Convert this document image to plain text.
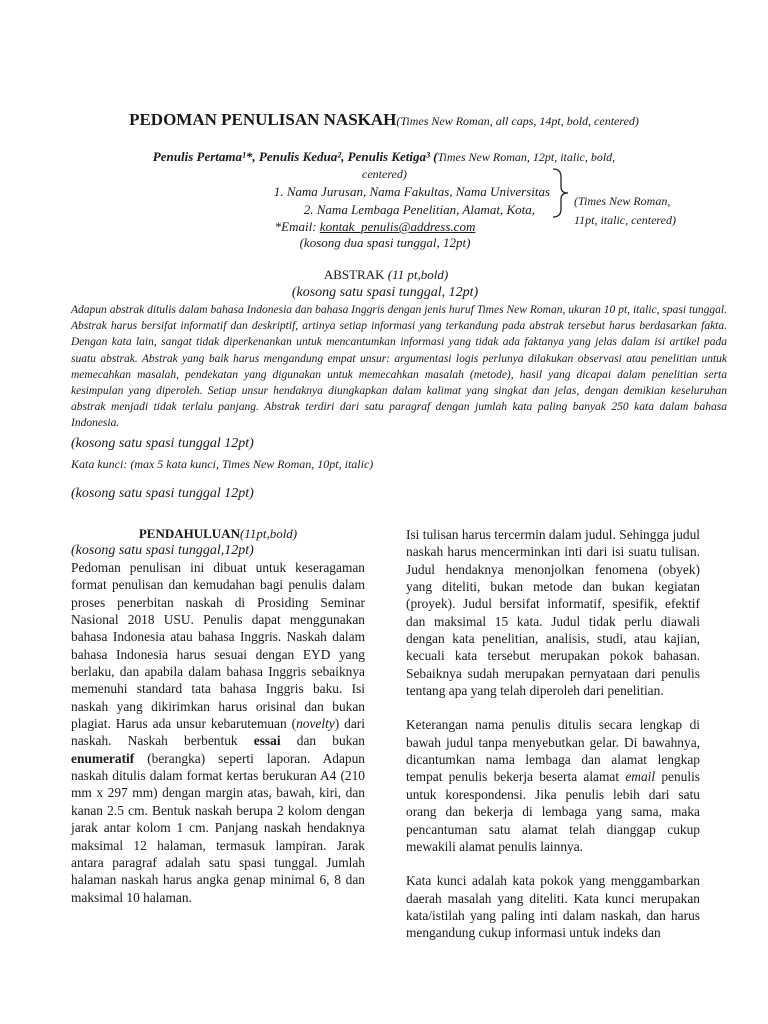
PEDOMAN PENULISAN NASKAH(Times New Roman, all caps, 14pt, bold, centered)
Penulis Pertama¹*, Penulis Kedua², Penulis Ketiga³ (Times New Roman, 12pt, italic, bold,
centered)
1. Nama Jurusan, Nama Fakultas, Nama Universitas
2. Nama Lembaga Penelitian, Alamat, Kota,
*Email: kontak_penulis@address.com
(kosong dua spasi tunggal, 12pt)
(Times New Roman,
11pt, italic, centered)
ABSTRAK (11 pt,bold)
(kosong satu spasi tunggal, 12pt)
Adapun abstrak ditulis dalam bahasa Indonesia dan bahasa Inggris dengan jenis huruf Times New Roman, ukuran 10 pt, italic, spasi tunggal. Abstrak harus bersifat informatif dan deskriptif, artinya setiap informasi yang terkandung pada abstrak tersebut harus berdasarkan fakta. Dengan kata lain, sangat tidak diperkenankan untuk mencantumkan informasi yang tidak ada faktanya yang jelas dalam isi artikel pada suatu abstrak. Abstrak yang baik harus mengandung empat unsur: argumentasi logis perlunya dilakukan observasi atau penelitian untuk memecahkan masalah, pendekatan yang digunakan untuk memecahkan masalah (metode), hasil yang dicapai dalam penelitian serta kesimpulan yang diperoleh. Setiap unsur hendaknya diungkapkan dalam kalimat yang singkat dan jelas, dengan demikian keseluruhan abstrak menjadi tidak terlalu panjang. Abstrak terdiri dari satu paragraf dengan jumlah kata paling banyak 250 kata dalam bahasa Indonesia.
(kosong satu spasi tunggal 12pt)
Kata kunci: (max 5 kata kunci, Times New Roman, 10pt, italic)
(kosong satu spasi tunggal 12pt)
PENDAHULUAN(11pt,bold)
(kosong satu spasi tunggal,12pt)

Pedoman penulisan ini dibuat untuk keseragaman format penulisan dan kemudahan bagi penulis dalam proses penerbitan naskah di Prosiding Seminar Nasional 2018 USU. Penulis dapat menggunakan bahasa Indonesia atau bahasa Inggris. Naskah dalam bahasa Indonesia harus sesuai dengan EYD yang berlaku, dan apabila dalam bahasa Inggris sebaiknya memenuhi standard tata bahasa Inggris baku. Isi naskah yang dikirimkan harus orisinal dan bukan plagiat. Harus ada unsur kebarutemuan (novelty) dari naskah. Naskah berbentuk essai dan bukan enumeratif (berangka) seperti laporan. Adapun naskah ditulis dalam format kertas berukuran A4 (210 mm x 297 mm) dengan margin atas, bawah, kiri, dan kanan 2.5 cm. Bentuk naskah berupa 2 kolom dengan jarak antar kolom 1 cm. Panjang naskah hendaknya maksimal 12 halaman, termasuk lampiran. Jarak antara paragraf adalah satu spasi tunggal. Jumlah halaman naskah harus angka genap minimal 6, 8 dan maksimal 10 halaman.

Isi tulisan harus tercermin dalam judul. Sehingga judul naskah harus mencerminkan inti dari isi suatu tulisan. Judul hendaknya menonjolkan fenomena (obyek) yang diteliti, bukan metode dan bukan kegiatan (proyek). Judul bersifat informatif, spesifik, efektif dan maksimal 15 kata. Judul tidak perlu diawali dengan kata penelitian, analisis, studi, atau kajian, kecuali kata tersebut merupakan pokok bahasan. Sebaiknya sudah merupakan pernyataan dari penulis tentang apa yang telah diperoleh dari penelitian.

Keterangan nama penulis ditulis secara lengkap di bawah judul tanpa menyebutkan gelar. Di bawahnya, dicantumkan nama lembaga dan alamat lengkap tempat penulis bekerja beserta alamat email penulis untuk korespondensi. Jika penulis lebih dari satu orang dan bekerja di lembaga yang sama, maka pencantuman satu alamat telah dianggap cukup mewakili alamat penulis lainnya.

Kata kunci adalah kata pokok yang menggambarkan daerah masalah yang diteliti. Kata kunci merupakan kata/istilah yang paling inti dalam naskah, dan harus mengandung cukup informasi untuk indeks dan
